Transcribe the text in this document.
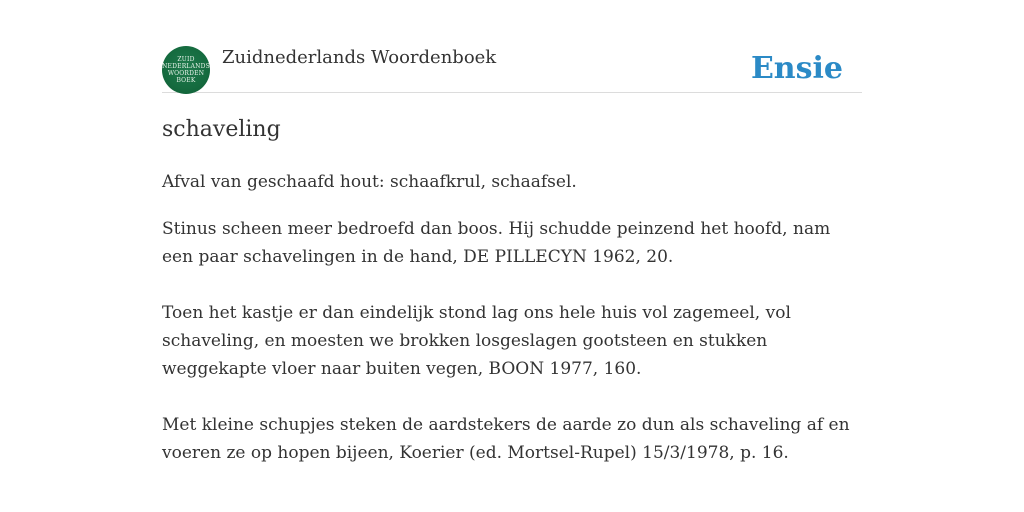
ZUID
NEDERLANDS
WOORDEN
BOEK
Zuidnederlands Woordenboek	Ensie
schaveling
Afval van geschaafd hout: schaafkrul, schaafsel.
Stinus scheen meer bedroefd dan boos. Hij schudde peinzend het hoofd, nam een paar schavelingen in de hand, DE PILLECYN 1962, 20.
Toen het kastje er dan eindelijk stond lag ons hele huis vol zagemeel, vol schaveling, en moesten we brokken losgeslagen gootsteen en stukken weggekapte vloer naar buiten vegen, BOON 1977, 160.
Met kleine schupjes steken de aardstekers de aarde zo dun als schaveling af en voeren ze op hopen bijeen, Koerier (ed. Mortsel-Rupel) 15/3/1978, p. 16.
